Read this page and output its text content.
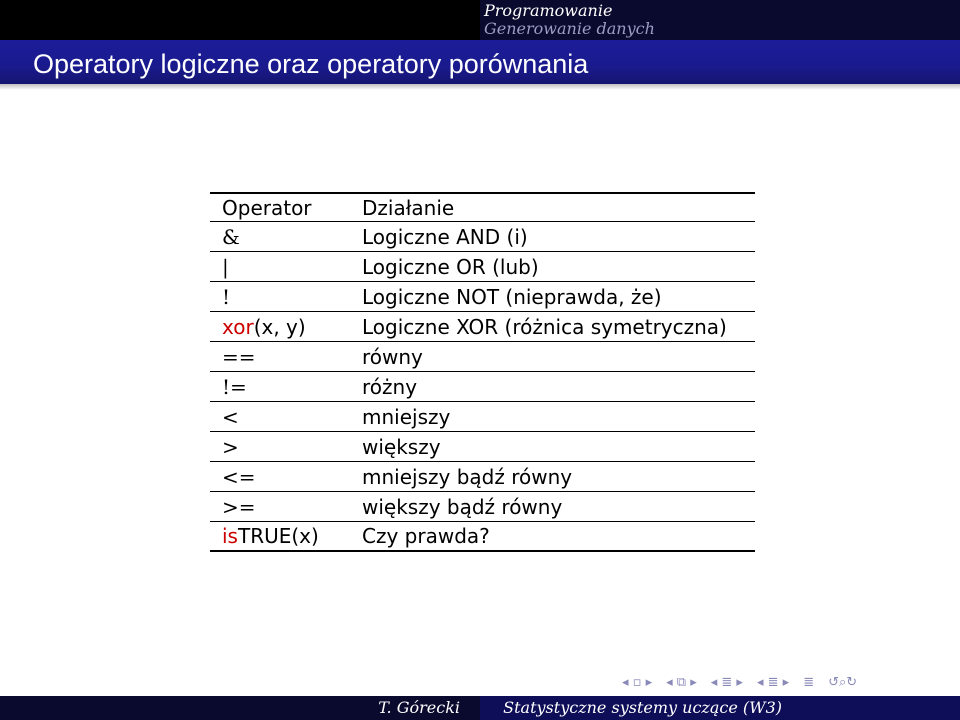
Programowanie
Generowanie danych
Operatory logiczne oraz operatory porównania
Operator	Działanie
&	Logiczne AND (i)
|	Logiczne OR (lub)
!	Logiczne NOT (nieprawda, że)
xor(x, y)	Logiczne XOR (różnica symetryczna)
==	równy
!=	różny
<	mniejszy
>	większy
<=	mniejszy bądź równy
>=	większy bądź równy
isTRUE(x)	Czy prawda?
◂ ▫ ▸ ◂ ⧉ ▸ ◂ ≣ ▸ ◂ ≣ ▸ ≣ ↺⌕↻
T. Górecki	Statystyczne systemy uczące (W3)
